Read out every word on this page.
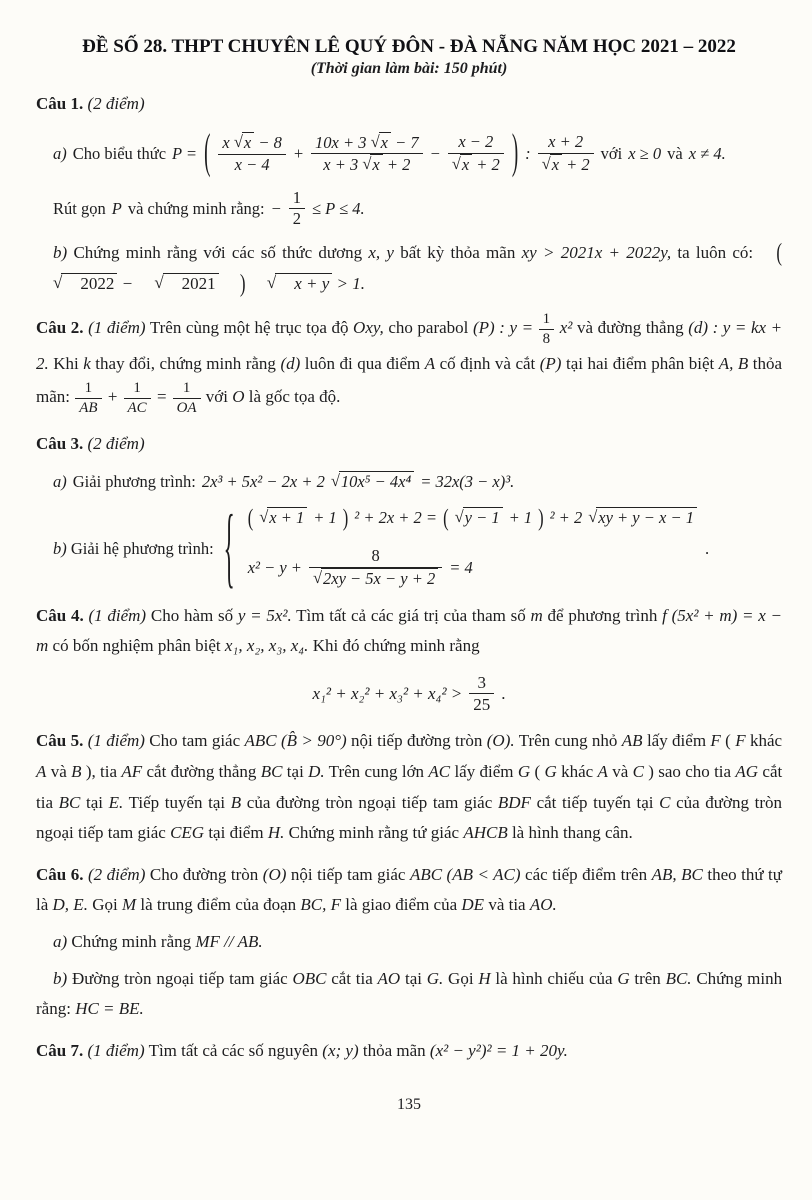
ĐỀ SỐ 28. THPT CHUYÊN LÊ QUÝ ĐÔN - ĐÀ NẴNG NĂM HỌC 2021 – 2022
(Thời gian làm bài: 150 phút)

Câu 1. (2 điểm)

a) Cho biểu thức P = ( $\frac{x √x - 8}{x - 4} + \frac{10x + 3 √x - 7}{x + 3 √x + 2} - \frac{x - 2}{√x + 2}$ ) : $\frac{x + 2}{√x + 2}$ với x ≥ 0 và x ≠ 4.
Rút gọn P và chứng minh rằng: − $\frac{1}{2} \le P \le 4$.

b) Chứng minh rằng với các số thức dương x, y bất kỳ thỏa mãn xy > 2021x + 2022y, ta luôn có: ( √ 2022 − √ 2021 ) √ x + y > 1.

Câu 2. (1 điểm) Trên cùng một hệ trục tọa độ Oxy, cho parabol (P) : $y = \frac{1}{8} x^2$ và đường thẳng (d) : y = kx + 2. Khi k thay đổi, chứng minh rằng (d) luôn đi qua điểm A cố định và cắt (P) tại hai điểm phân biệt A, B thỏa mãn: $\frac{1}{AB} + \frac{1}{AC} = \frac{1}{OA}$ với O là gốc tọa độ.

Câu 3. (2 điểm)

a) Giải phương trình: 2x³ + 5x² − 2x + 2 √10x⁵ − 4x⁴ = 32x(3 − x)³.
b) Giải hệ phương trình: { ( √x + 1 + 1 ) ² + 2x + 2 = ( √y − 1 + 1 ) ² + 2 √xy + y − x − 1
$x^2 - y + \frac{8}{√2xy - 5x - y + 2} = 4$
.

Câu 4. (1 điểm) Cho hàm số y = 5x². Tìm tất cả các giá trị của tham số m để phương trình f (5x² + m) = x − m có bốn nghiệm phân biệt x₁, x₂, x₃, x₄. Khi đó chứng minh rằng

$x_1^2 + x_2^2 + x_3^2 + x_4^2 > \frac{3}{25}$ .

Câu 5. (1 điểm) Cho tam giác ABC (B̂ > 90°) nội tiếp đường tròn (O). Trên cung nhỏ AB lấy điểm F ( F khác A và B ), tia AF cắt đường thẳng BC tại D. Trên cung lớn AC lấy điểm G ( G khác A và C ) sao cho tia AG cắt tia BC tại E. Tiếp tuyến tại B của đường tròn ngoại tiếp tam giác BDF cắt tiếp tuyến tại C của đường tròn ngoại tiếp tam giác CEG tại điểm H. Chứng minh rằng tứ giác AHCB là hình thang cân.

Câu 6. (2 điểm) Cho đường tròn (O) nội tiếp tam giác ABC (AB < AC) các tiếp điểm trên AB, BC theo thứ tự là D, E. Gọi M là trung điểm của đoạn BC, F là giao điểm của DE và tia AO.

a) Chứng minh rằng MF // AB.

b) Đường tròn ngoại tiếp tam giác OBC cắt tia AO tại G. Gọi H là hình chiếu của G trên BC. Chứng minh rằng: HC = BE.

Câu 7. (1 điểm) Tìm tất cả các số nguyên (x; y) thỏa mãn (x² − y²)² = 1 + 20y.

135
